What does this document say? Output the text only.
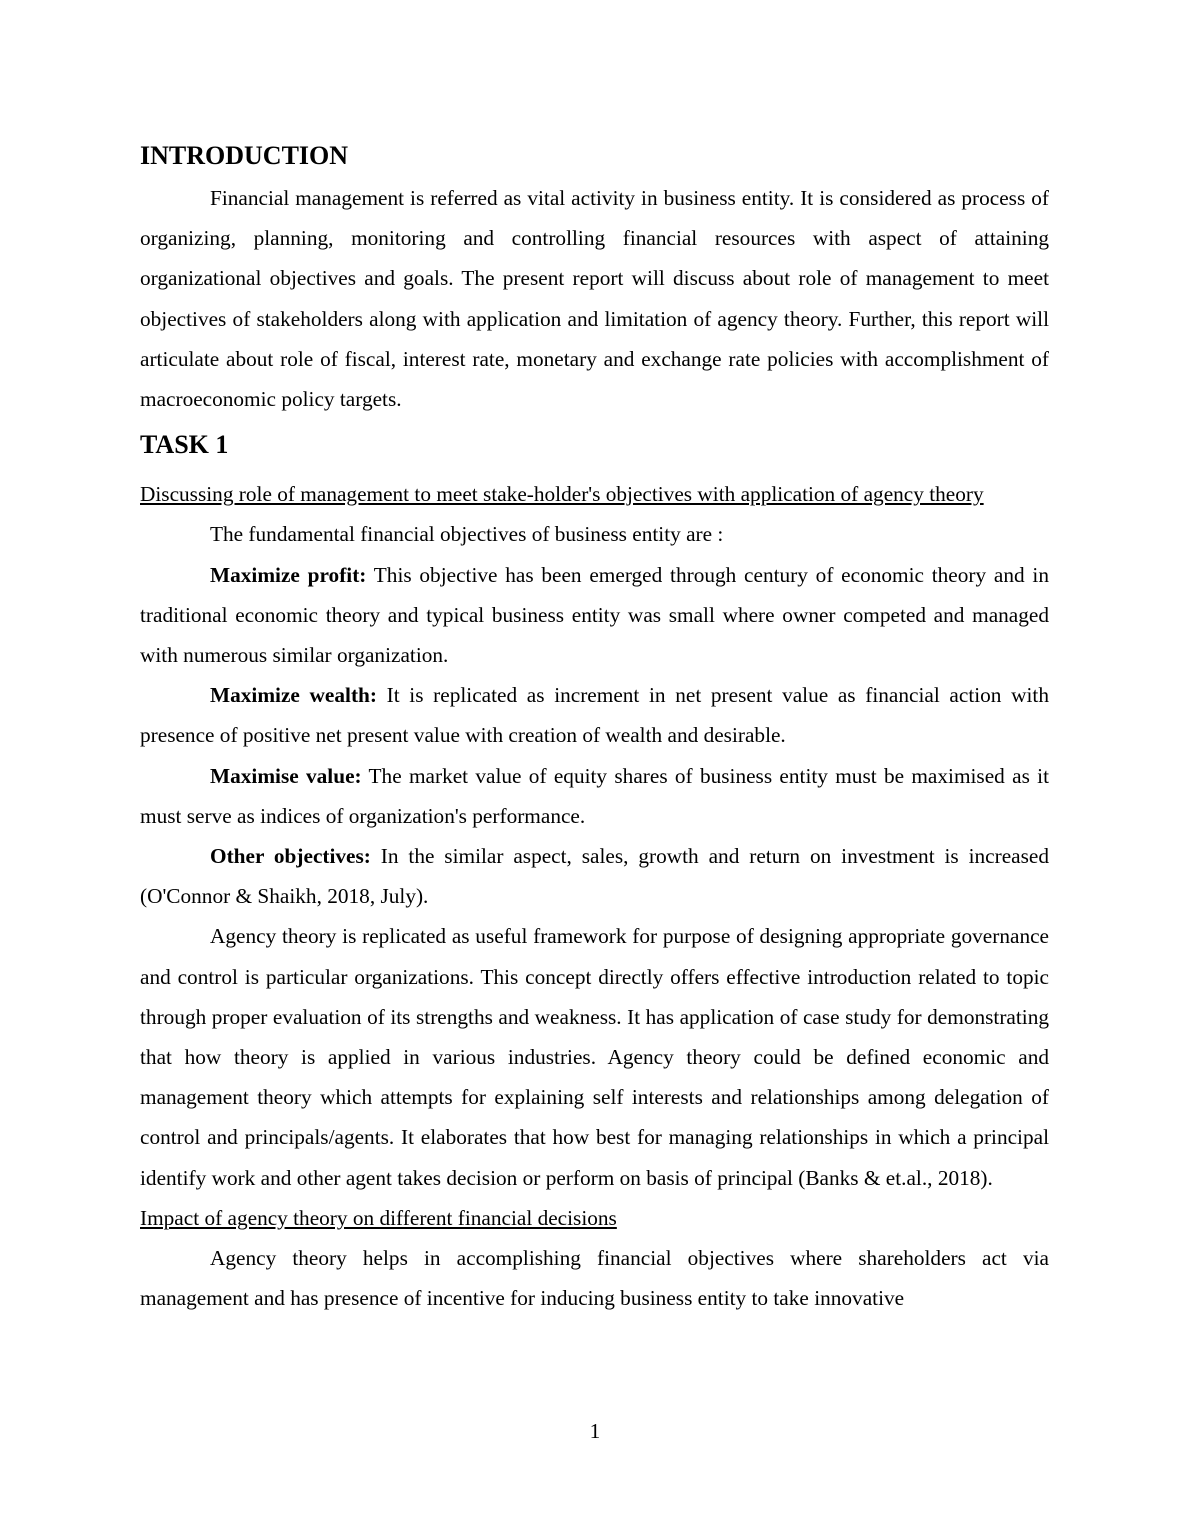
INTRODUCTION

Financial management is referred as vital activity in business entity. It is considered as process of organizing, planning, monitoring and controlling financial resources with aspect of attaining organizational objectives and goals. The present report will discuss about role of management to meet objectives of stakeholders along with application and limitation of agency theory. Further, this report will articulate about role of fiscal, interest rate, monetary and exchange rate policies with accomplishment of macroeconomic policy targets.

TASK 1

Discussing role of management to meet stake-holder's objectives with application of agency theory

The fundamental financial objectives of business entity are :

Maximize profit: This objective has been emerged through century of economic theory and in traditional economic theory and typical business entity was small where owner competed and managed with numerous similar organization.

Maximize wealth: It is replicated as increment in net present value as financial action with presence of positive net present value with creation of wealth and desirable.

Maximise value: The market value of equity shares of business entity must be maximised as it must serve as indices of organization's performance.

Other objectives: In the similar aspect, sales, growth and return on investment is increased (O'Connor & Shaikh, 2018, July).

Agency theory is replicated as useful framework for purpose of designing appropriate governance and control is particular organizations. This concept directly offers effective introduction related to topic through proper evaluation of its strengths and weakness. It has application of case study for demonstrating that how theory is applied in various industries. Agency theory could be defined economic and management theory which attempts for explaining self interests and relationships among delegation of control and principals/agents. It elaborates that how best for managing relationships in which a principal identify work and other agent takes decision or perform on basis of principal (Banks & et.al., 2018).

Impact of agency theory on different financial decisions

Agency theory helps in accomplishing financial objectives where shareholders act via management and has presence of incentive for inducing business entity to take innovative

1
